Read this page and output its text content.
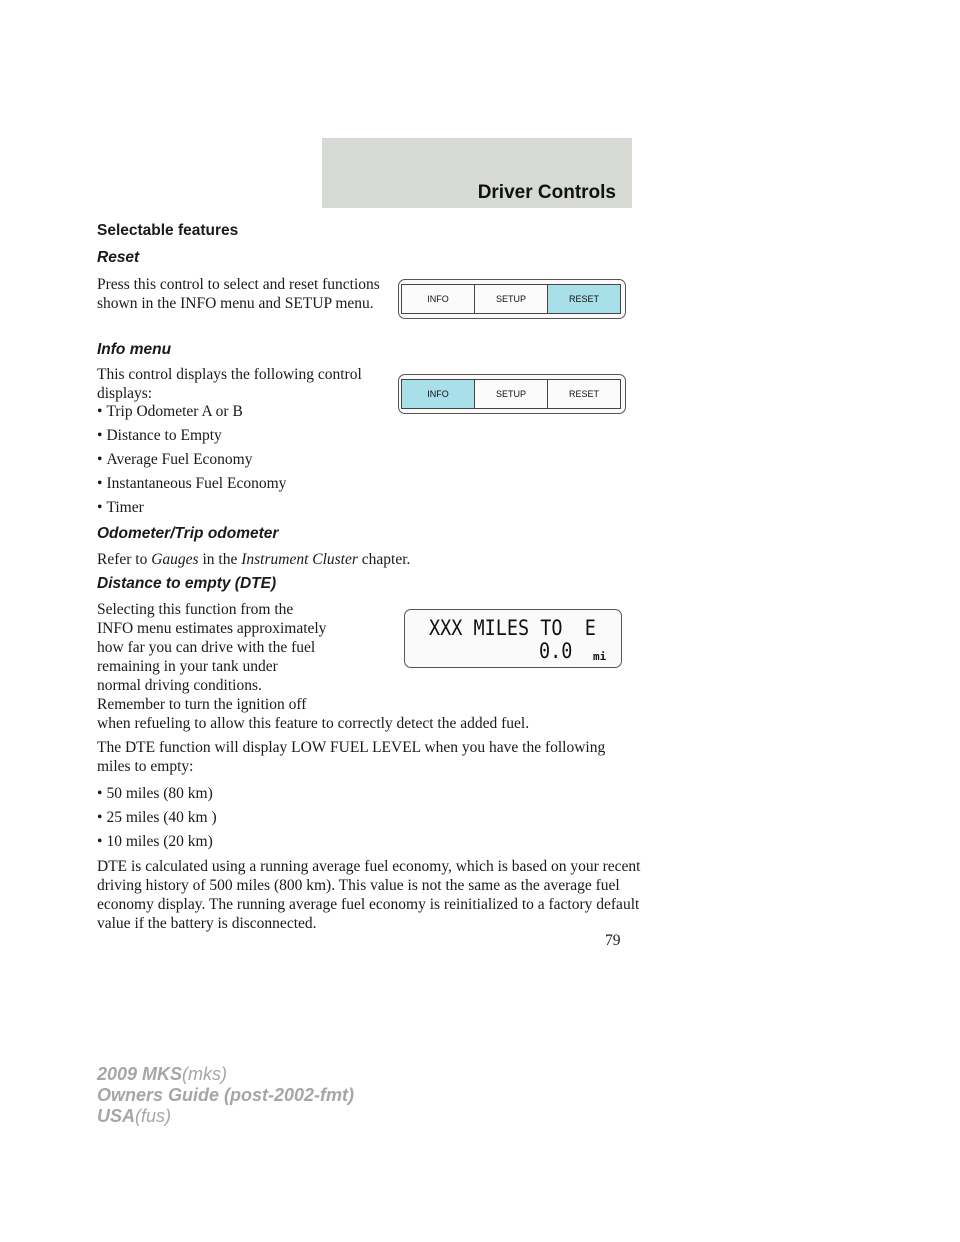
Driver Controls
Selectable features
Reset

Press this control to select and reset functions shown in the INFO menu and SETUP menu.	INFO	SETUP	RESET
Info menu

This control displays the following control displays:	INFO	SETUP	RESET
• Trip Odometer A or B
• Distance to Empty
• Average Fuel Economy
• Instantaneous Fuel Economy
• Timer
Odometer/Trip odometer
Refer to Gauges in the Instrument Cluster chapter.
Distance to empty (DTE)
Selecting this function from the
INFO menu estimates approximately
how far you can drive with the fuel
remaining in your tank under
normal driving conditions.
Remember to turn the ignition off
when refueling to allow this feature to correctly detect the added fuel.
XXX MILES TO  E
0.0 mi

The DTE function will display LOW FUEL LEVEL when you have the following miles to empty:

• 50 miles (80 km)
• 25 miles (40 km )
• 10 miles (20 km)

DTE is calculated using a running average fuel economy, which is based on your recent driving history of 500 miles (800 km). This value is not the same as the average fuel economy display. The running average fuel economy is reinitialized to a factory default value if the battery is disconnected.

79
2009 MKS(mks)
Owners Guide (post-2002-fmt)
USA(fus)
